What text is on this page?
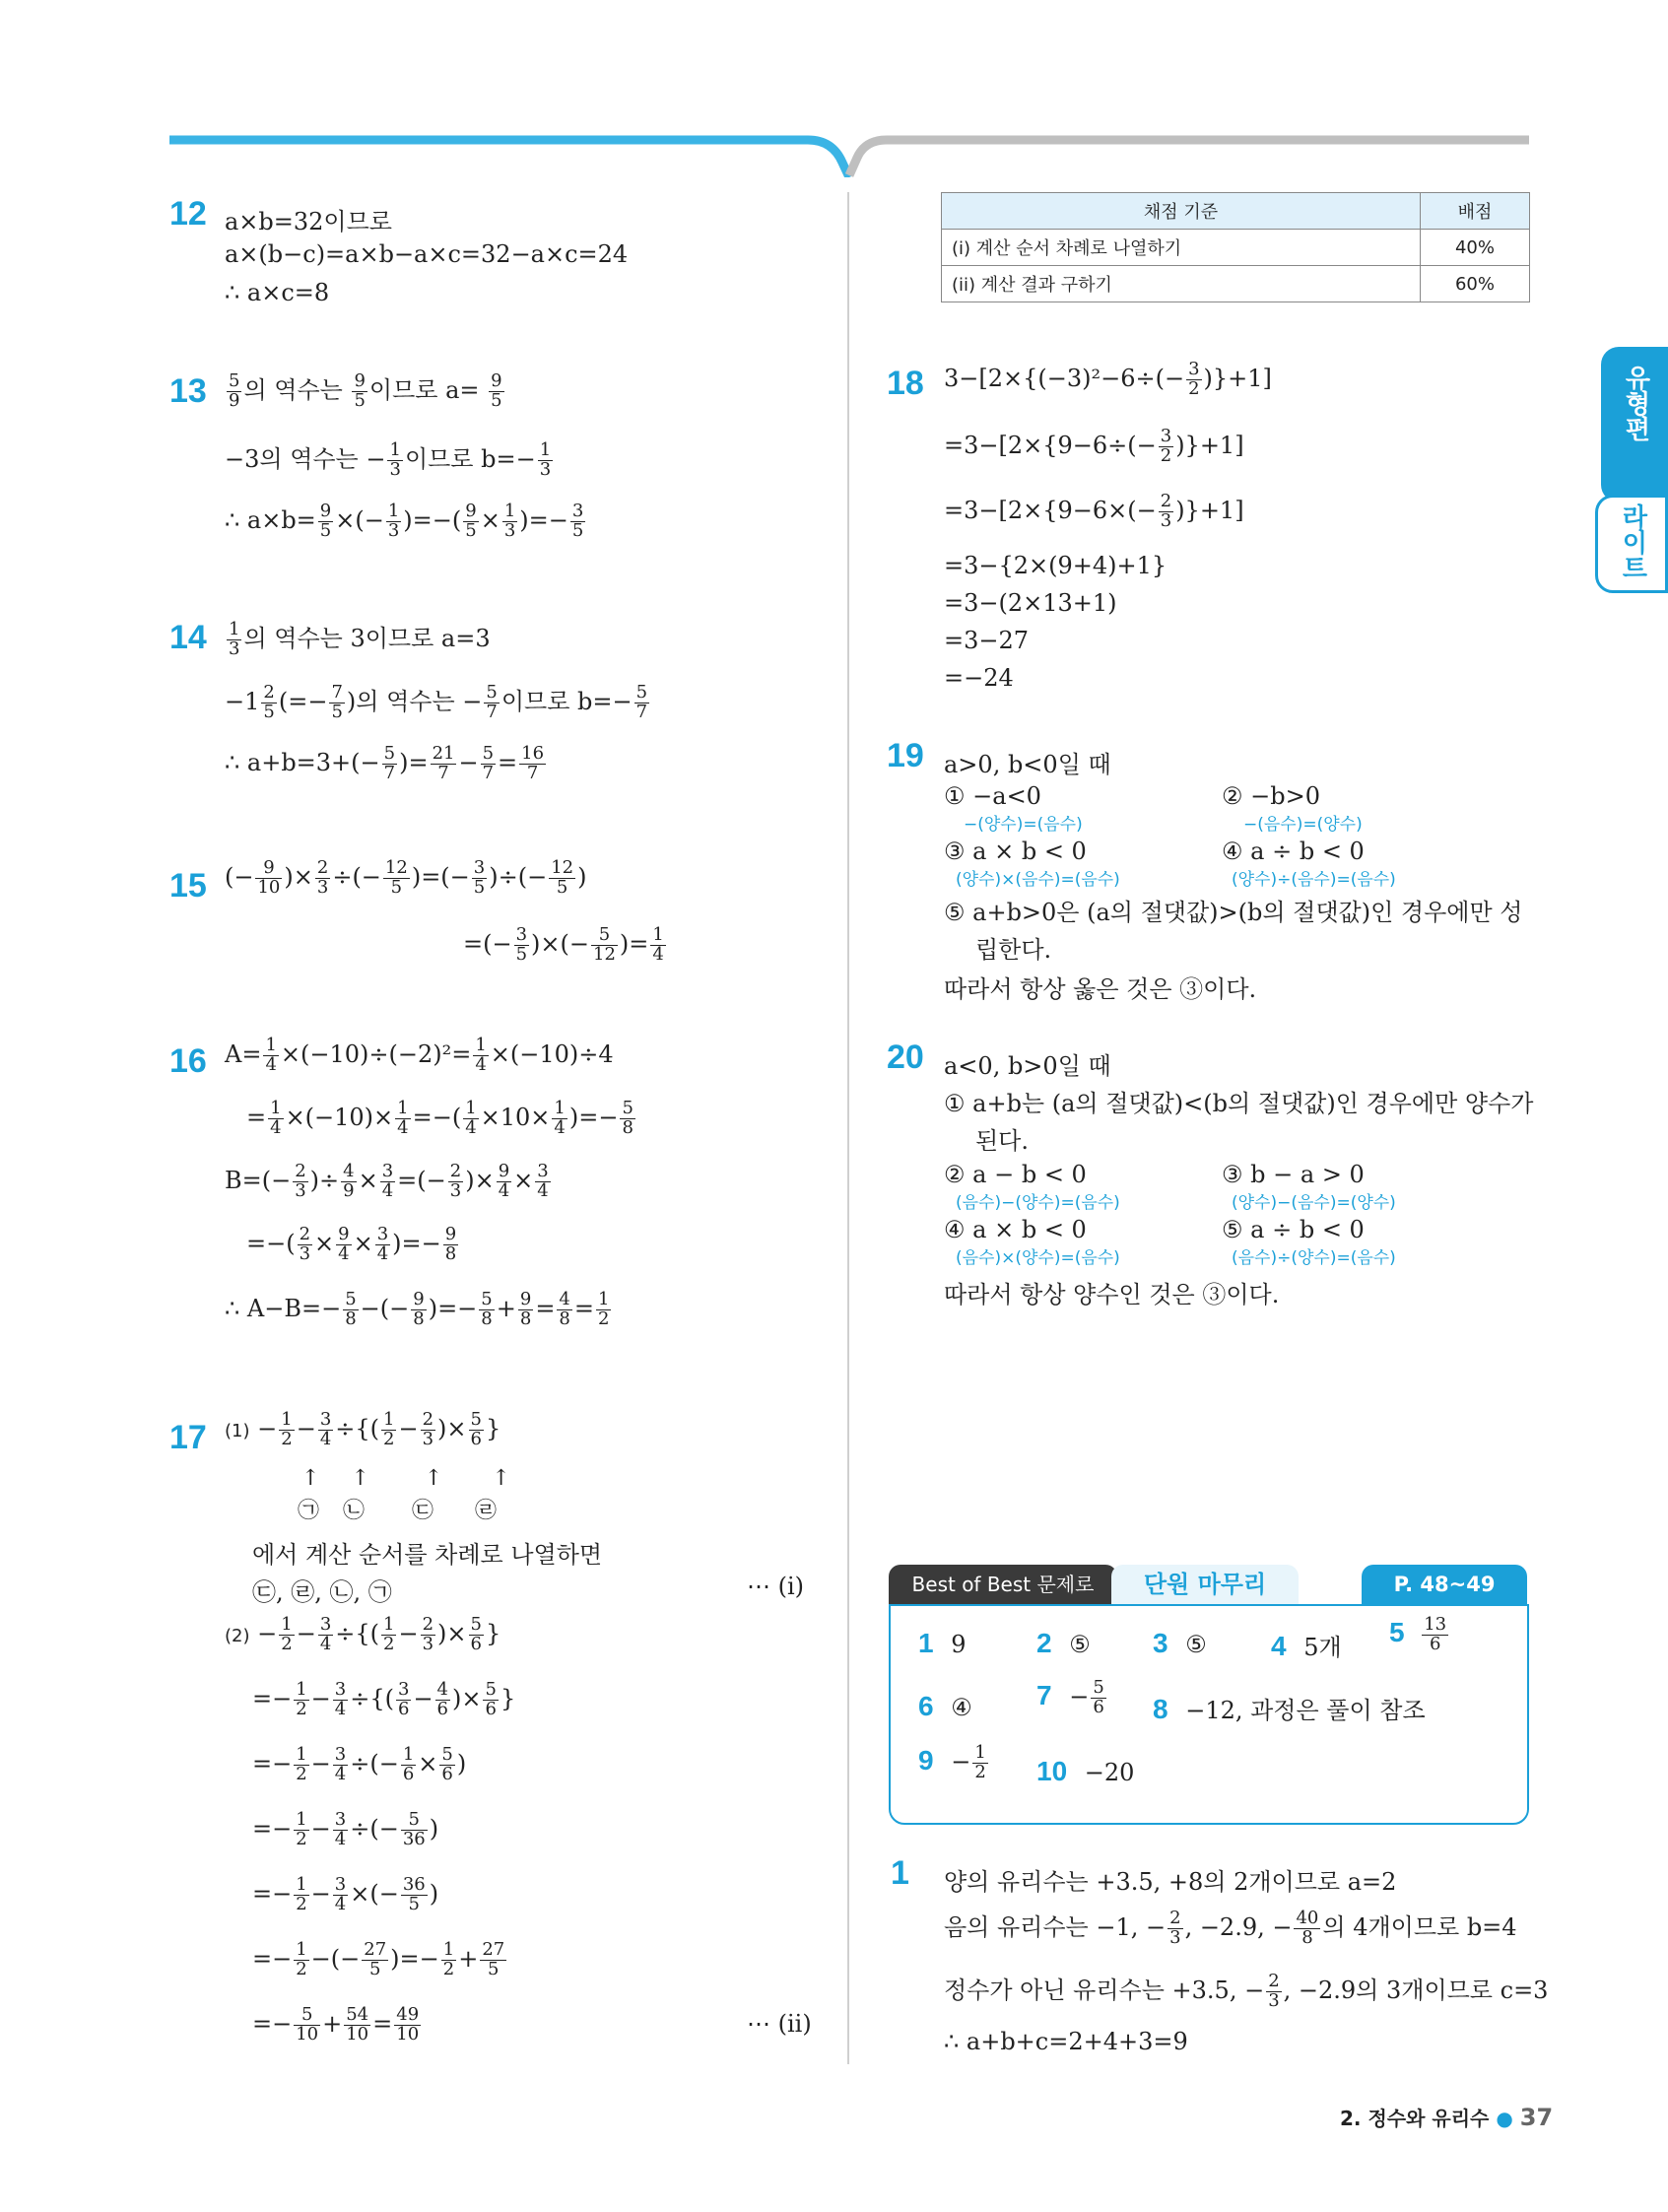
유형편
라이트
12 a×b=32이므로
a×(b−c)=a×b−a×c=32−a×c=24
∴ a×c=8
$13 \frac{5}{9}$ 의 역수는 $\frac{9}{5}$ 이므로 $a= \frac{9}{5}$
−3의 역수는 − $\frac{1}{3}$ 이므로 $b=- \frac{1}{3}$
∴ $a\times b= \frac{9}{5}$ ×(− $\frac{1}{3}$ )=−( $\frac{9}{5} \times \frac{1}{3}$ )=− $\frac{3}{5}$
$14 \frac{1}{3}$ 의 역수는 3이므로 a=3
$-1 \frac{2}{5}$ (=− $\frac{7}{5}$ )의 역수는 − $\frac{5}{7}$ 이므로 $b=- \frac{5}{7}$
∴ $a+b=3+(- \frac{5}{7}$ )= $\frac{21}{7} - \frac{5}{7} = \frac{16}{7}$
15 (− $\frac{9}{10}$ )× $\frac{2}{3}$ ÷(− $\frac{12}{5}$ )=(− $\frac{3}{5}$ )÷(− $\frac{12}{5}$ )
=(− $\frac{3}{5}$ )×(− $\frac{5}{12}$ )= $\frac{1}{4}$
16 $A= \frac{1}{4} \times(-10)\div(-2)^2= \frac{1}{4} \times(-10)\div 4$
= $\frac{1}{4} \times(-10)\times \frac{1}{4}$ =−( $\frac{1}{4} \times 10\times \frac{1}{4}$ )=− $\frac{5}{8}$
$B=(- \frac{2}{3}$ )÷ $\frac{4}{9} \times \frac{3}{4}$ =(− $\frac{2}{3}$ )× $\frac{9}{4} \times \frac{3}{4}$
=−( $\frac{2}{3} \times \frac{9}{4} \times \frac{3}{4}$ )=− $\frac{9}{8}$
∴ $A-B=- \frac{5}{8}$ −(− $\frac{9}{8}$ )=− $\frac{5}{8} + \frac{9}{8} = \frac{4}{8} = \frac{1}{2}$
17 $(1) - \frac{1}{2} - \frac{3}{4}$ ÷{( $\frac{1}{2} - \frac{2}{3}$ )× $\frac{5}{6}$ }
↑ ↑	↑ ↑
㉠ ㉡ ㉢ ㉣
에서 계산 순서를 차례로 나열하면
㉢, ㉣, ㉡, ㉠	⋯ (i)
$(2) - \frac{1}{2} - \frac{3}{4}$ ÷{( $\frac{1}{2} - \frac{2}{3}$ )× $\frac{5}{6}$ }
=− $\frac{1}{2} - \frac{3}{4}$ ÷{( $\frac{3}{6} - \frac{4}{6}$ )× $\frac{5}{6}$ }
=− $\frac{1}{2} - \frac{3}{4}$ ÷(− $\frac{1}{6} \times \frac{5}{6}$ )
=− $\frac{1}{2} - \frac{3}{4}$ ÷(− $\frac{5}{36}$ )
=− $\frac{1}{2} - \frac{3}{4}$ ×(− $\frac{36}{5}$ )
=− $\frac{1}{2}$ −(− $\frac{27}{5}$ )=− $\frac{1}{2} + \frac{27}{5}$
=− $\frac{5}{10} + \frac{54}{10} = \frac{49}{10}$	⋯ (ii)
채점 기준	배점
(i) 계산 순서 차례로 나열하기	40%
(ii) 계산 결과 구하기	60%
18 $3-[2\times\{(-3)^2-6\div(- \frac{3}{2} )\}+1]$
$=3-[2\times\{9-6\div(- \frac{3}{2} )\}+1]$
$=3-[2\times\{9-6\times(- \frac{2}{3} )\}+1]$
=3−{2×(9+4)+1}
=3−(2×13+1)
=3−27
=−24
19 a>0, b<0일 때
① −a<0
−(양수)=(음수)
② −b>0
−(음수)=(양수)
③ a × b < 0
(양수)×(음수)=(음수)
④ a ÷ b < 0
(양수)÷(음수)=(음수)
⑤ a+b>0은 (a의 절댓값)>(b의 절댓값)인 경우에만 성
립한다.
따라서 항상 옳은 것은 ③이다.
20 a<0, b>0일 때
① a+b는 (a의 절댓값)<(b의 절댓값)인 경우에만 양수가
된다.
② a − b < 0
(음수)−(양수)=(음수)
③ b − a > 0
(양수)−(음수)=(양수)
④ a × b < 0
(음수)×(양수)=(음수)
⑤ a ÷ b < 0
(음수)÷(양수)=(음수)
따라서 항상 양수인 것은 ③이다.
Best of Best 문제로	단원 마무리	P. 48~49
1 9	2 ⑤ 3 ⑤ 4 5개
$5 \frac{13}{6}$
6 ④ $7 - \frac{5}{6} 8 -12$, 과정은 풀이 참조
$9 - \frac{1}{2} 10 -20$
1 양의 유리수는 +3.5, +8의 2개이므로 a=2
음의 유리수는 −1, − $\frac{2}{3}$ , −2.9, − $\frac{40}{8}$ 의 4개이므로 b=4
정수가 아닌 유리수는 +3.5, − $\frac{2}{3}$ , −2.9의 3개이므로 c=3
∴ a+b+c=2+4+3=9
2. 정수와 유리수 ● 37
